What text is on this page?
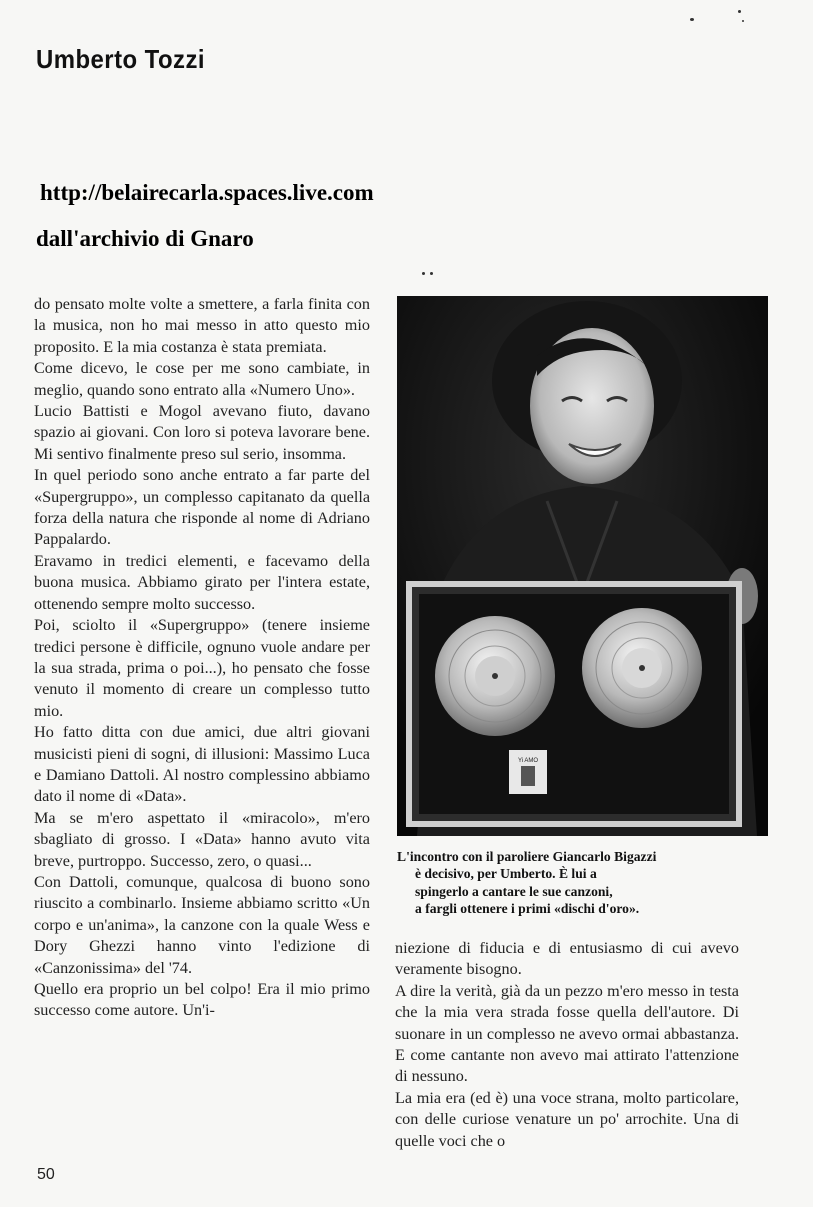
Umberto Tozzi
http://belairecarla.spaces.live.com
dall'archivio di Gnaro

do pensato molte volte a smettere, a farla finita con la musica, non ho mai messo in atto questo mio proposito. E la mia costanza è stata premiata.

Come dicevo, le cose per me sono cambiate, in meglio, quando sono entrato alla «Numero Uno».

Lucio Battisti e Mogol avevano fiuto, davano spazio ai giovani. Con loro si poteva lavorare bene. Mi sentivo finalmente preso sul serio, insomma.

In quel periodo sono anche entrato a far parte del «Supergruppo», un complesso capitanato da quella forza della natura che risponde al nome di Adriano Pappalardo.

Eravamo in tredici elementi, e facevamo della buona musica. Abbiamo girato per l'intera estate, ottenendo sempre molto successo.

Poi, sciolto il «Supergruppo» (tenere insieme tredici persone è difficile, ognuno vuole andare per la sua strada, prima o poi...), ho pensato che fosse venuto il momento di creare un complesso tutto mio.

Ho fatto ditta con due amici, due altri giovani musicisti pieni di sogni, di illusioni: Massimo Luca e Damiano Dattoli. Al nostro complessino abbiamo dato il nome di «Data».

Ma se m'ero aspettato il «miracolo», m'ero sbagliato di grosso. I «Data» hanno avuto vita breve, purtroppo. Successo, zero, o quasi...

Con Dattoli, comunque, qualcosa di buono sono riuscito a combinarlo. Insieme abbiamo scritto «Un corpo e un'anima», la canzone con la quale Wess e Dory Ghezzi hanno vinto l'edizione di «Canzonissima» del '74.

Quello era proprio un bel colpo! Era il mio primo successo come autore. Un'i-

Yi AMO
L'incontro con il paroliere Giancarlo Bigazzi
è decisivo, per Umberto. È lui a
spingerlo a cantare le sue canzoni,
a fargli ottenere i primi «dischi d'oro».

niezione di fiducia e di entusiasmo di cui avevo veramente bisogno.

A dire la verità, già da un pezzo m'ero messo in testa che la mia vera strada fosse quella dell'autore. Di suonare in un complesso ne avevo ormai abbastanza. E come cantante non avevo mai attirato l'attenzione di nessuno.

La mia era (ed è) una voce strana, molto particolare, con delle curiose venature un po' arrochite. Una di quelle voci che o

50
